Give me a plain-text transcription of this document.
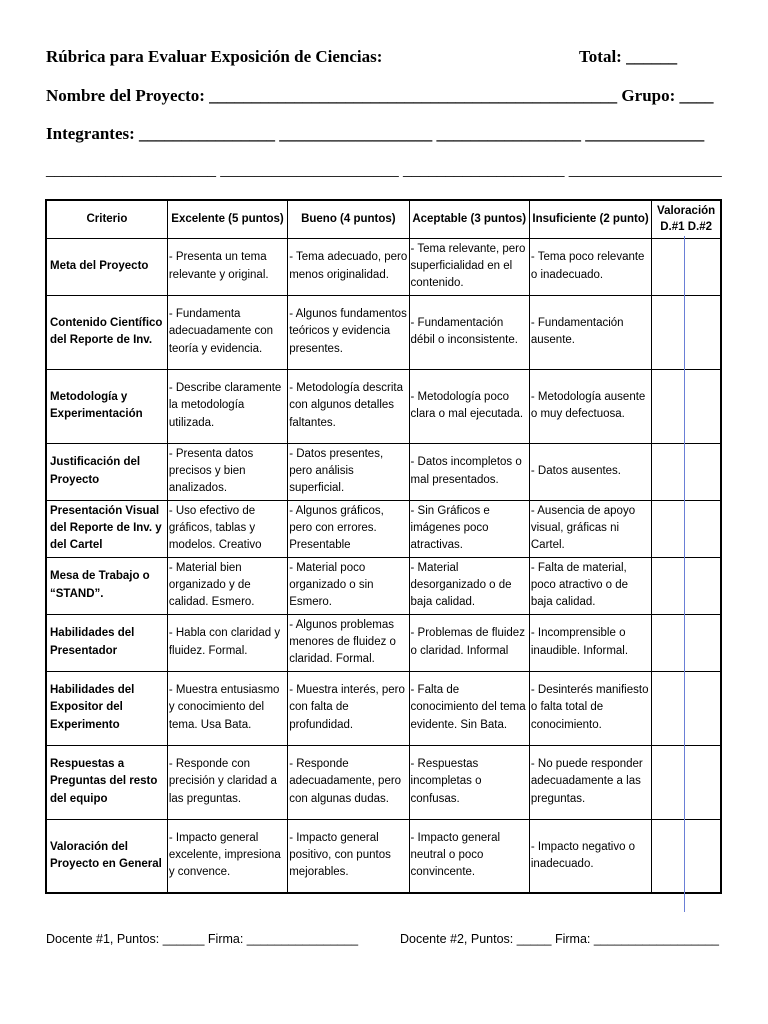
Rúbrica para Evaluar Exposición de Ciencias:	Total: ______
Nombre del Proyecto: ________________________________________________ Grupo: ____
Integrantes: ________________ __________________ _________________ ______________
____________________ _____________________ ___________________ __________________
Criterio	Excelente (5 puntos)	Bueno (4 puntos)	Aceptable (3 puntos)	Insuficiente (2 punto)	Valoración
D.#1 D.#2	
Meta del Proyecto	- Presenta un tema relevante y original.	- Tema adecuado, pero menos originalidad.	- Tema relevante, pero superficialidad en el contenido.	- Tema poco relevante o inadecuado.		
Contenido Científico del Reporte de Inv.	- Fundamenta adecuadamente con teoría y evidencia.	- Algunos fundamentos teóricos y evidencia presentes.	- Fundamentación débil o inconsistente.	- Fundamentación ausente.		
Metodología y Experimentación	- Describe claramente la metodología utilizada.	- Metodología descrita con algunos detalles faltantes.	- Metodología poco clara o mal ejecutada.	- Metodología ausente o muy defectuosa.		
Justificación del Proyecto	- Presenta datos precisos y bien analizados.	- Datos presentes, pero análisis superficial.	- Datos incompletos o mal presentados.	- Datos ausentes.		
Presentación Visual del Reporte de Inv. y del Cartel	- Uso efectivo de gráficos, tablas y modelos. Creativo	- Algunos gráficos, pero con errores. Presentable	- Sin Gráficos e imágenes poco atractivas.	- Ausencia de apoyo visual, gráficas ni Cartel.		
Mesa de Trabajo o “STAND”.	- Material bien organizado y de calidad. Esmero.	- Material poco organizado o sin Esmero.	- Material desorganizado o de baja calidad.	- Falta de material, poco atractivo o de baja calidad.		
Habilidades del Presentador	- Habla con claridad y fluidez. Formal.	- Algunos problemas menores de fluidez o claridad. Formal.	- Problemas de fluidez o claridad. Informal	- Incomprensible o inaudible. Informal.		
Habilidades del Expositor del Experimento	- Muestra entusiasmo y conocimiento del tema. Usa Bata.	- Muestra interés, pero con falta de profundidad.	- Falta de conocimiento del tema evidente. Sin Bata.	- Desinterés manifiesto o falta total de conocimiento.		
Respuestas a Preguntas del resto del equipo	- Responde con precisión y claridad a las preguntas.	- Responde adecuadamente, pero con algunas dudas.	- Respuestas incompletas o confusas.	- No puede responder adecuadamente a las preguntas.		
Valoración del Proyecto en General	- Impacto general excelente, impresiona y convence.	- Impacto general positivo, con puntos mejorables.	- Impacto general neutral o poco convincente.	- Impacto negativo o inadecuado.		
Docente #1, Puntos: ______ Firma: ________________	Docente #2, Puntos: _____ Firma: __________________
